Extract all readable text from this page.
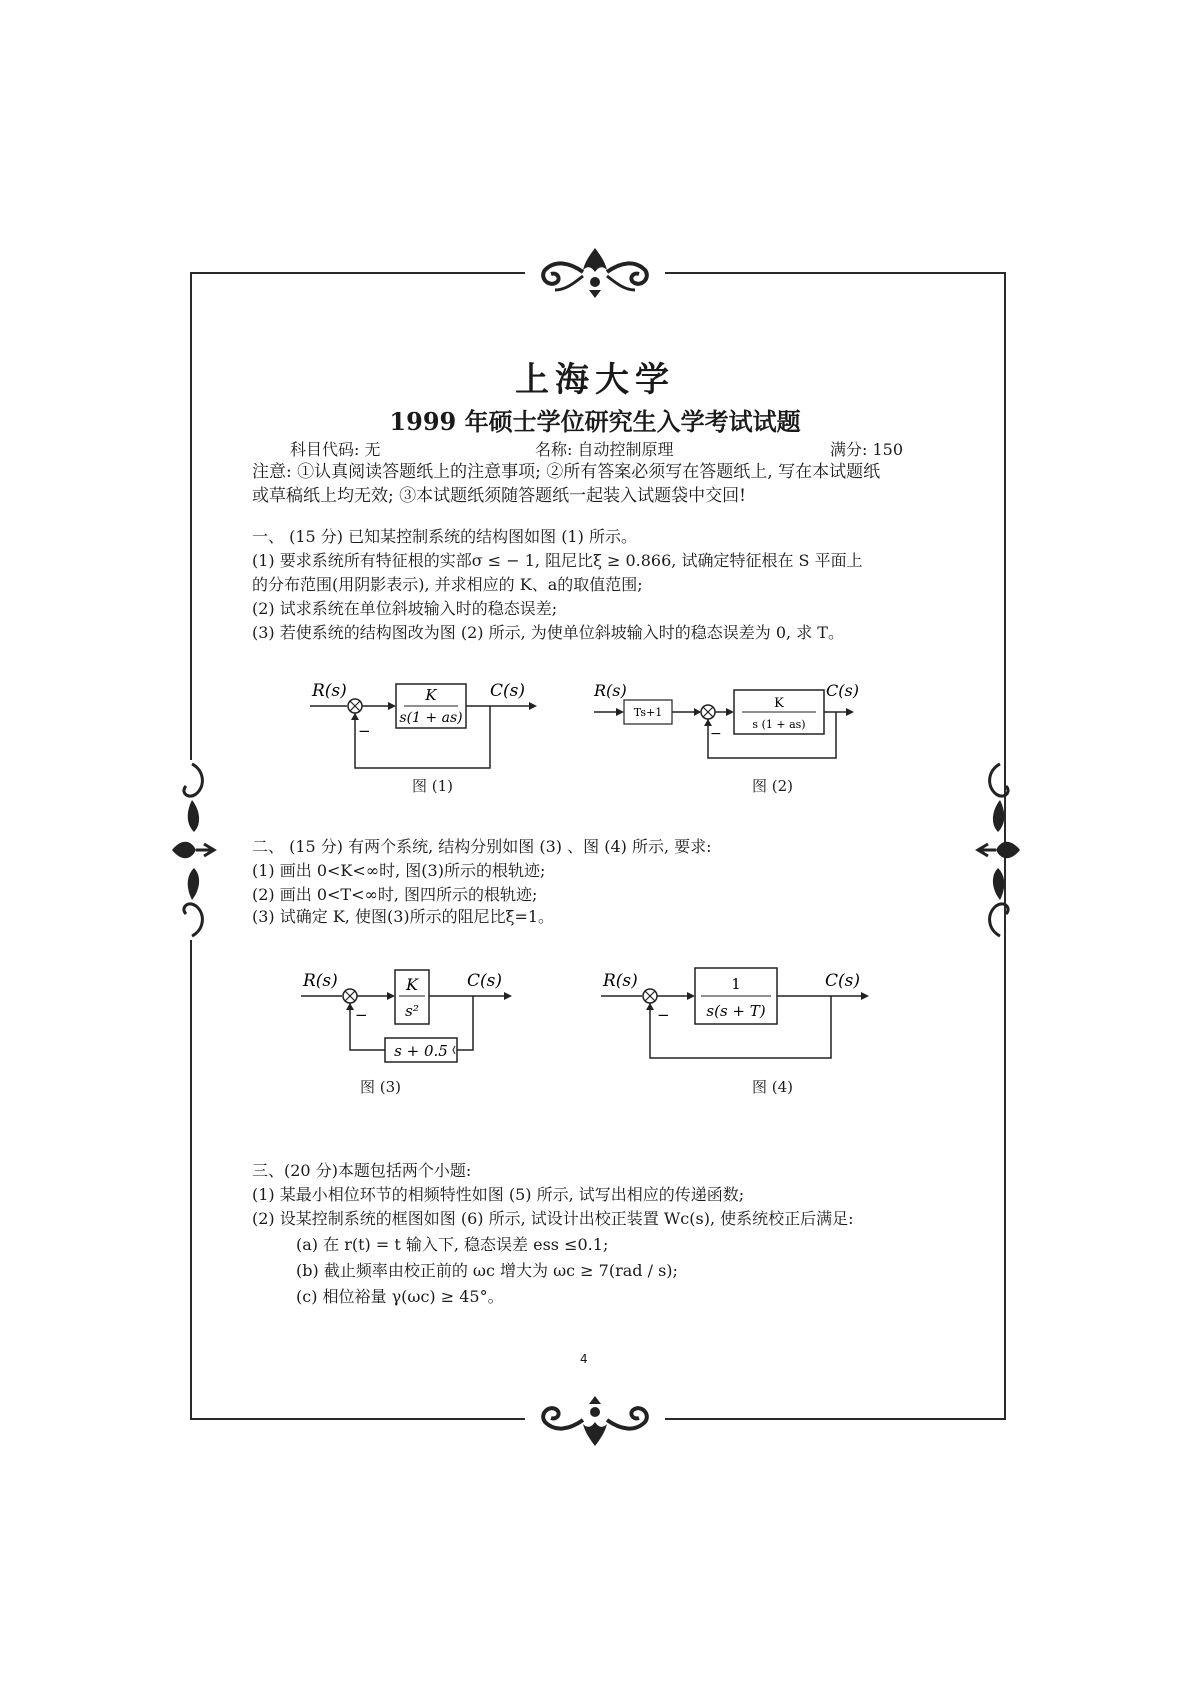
上海大学
1999 年硕士学位研究生入学考试试题
科目代码: 无	名称: 自动控制原理	满分: 150
注意: ①认真阅读答题纸上的注意事项; ②所有答案必须写在答题纸上, 写在本试题纸
或草稿纸上均无效; ③本试题纸须随答题纸一起装入试题袋中交回!
一、 (15 分) 已知某控制系统的结构图如图 (1) 所示。
(1) 要求系统所有特征根的实部σ ≤ − 1, 阻尼比ξ ≥ 0.866, 试确定特征根在 S 平面上
的分布范围(用阴影表示), 并求相应的 K、a的取值范围;
(2) 试求系统在单位斜坡输入时的稳态误差;
(3) 若使系统的结构图改为图 (2) 所示, 为使单位斜坡输入时的稳态误差为 0, 求 T。
R(s)	K
s(1 + as)
C(s)
−
图 (1)
R(s)
Ts+1
K
s (1 + as)
C(s)
−
图 (2)
二、 (15 分) 有两个系统, 结构分别如图 (3) 、图 (4) 所示, 要求:
(1) 画出 0<K<∞时, 图(3)所示的根轨迹;
(2) 画出 0<T<∞时, 图四所示的根轨迹;
(3) 试确定 K, 使图(3)所示的阻尼比ξ=1。
R(s)	K
s²
C(s)
s + 0.5
−
图 (3)
R(s)	1
s(s + T)
C(s)
−
图 (4)
三、(20 分)本题包括两个小题:
(1) 某最小相位环节的相频特性如图 (5) 所示, 试写出相应的传递函数;
(2) 设某控制系统的框图如图 (6) 所示, 试设计出校正装置 Wc(s), 使系统校正后满足:
(a) 在 r(t) = t 输入下, 稳态误差 ess ≤0.1;
(b) 截止频率由校正前的 ωc 增大为 ωc ≥ 7(rad / s);
(c) 相位裕量 γ(ωc) ≥ 45°。
4
